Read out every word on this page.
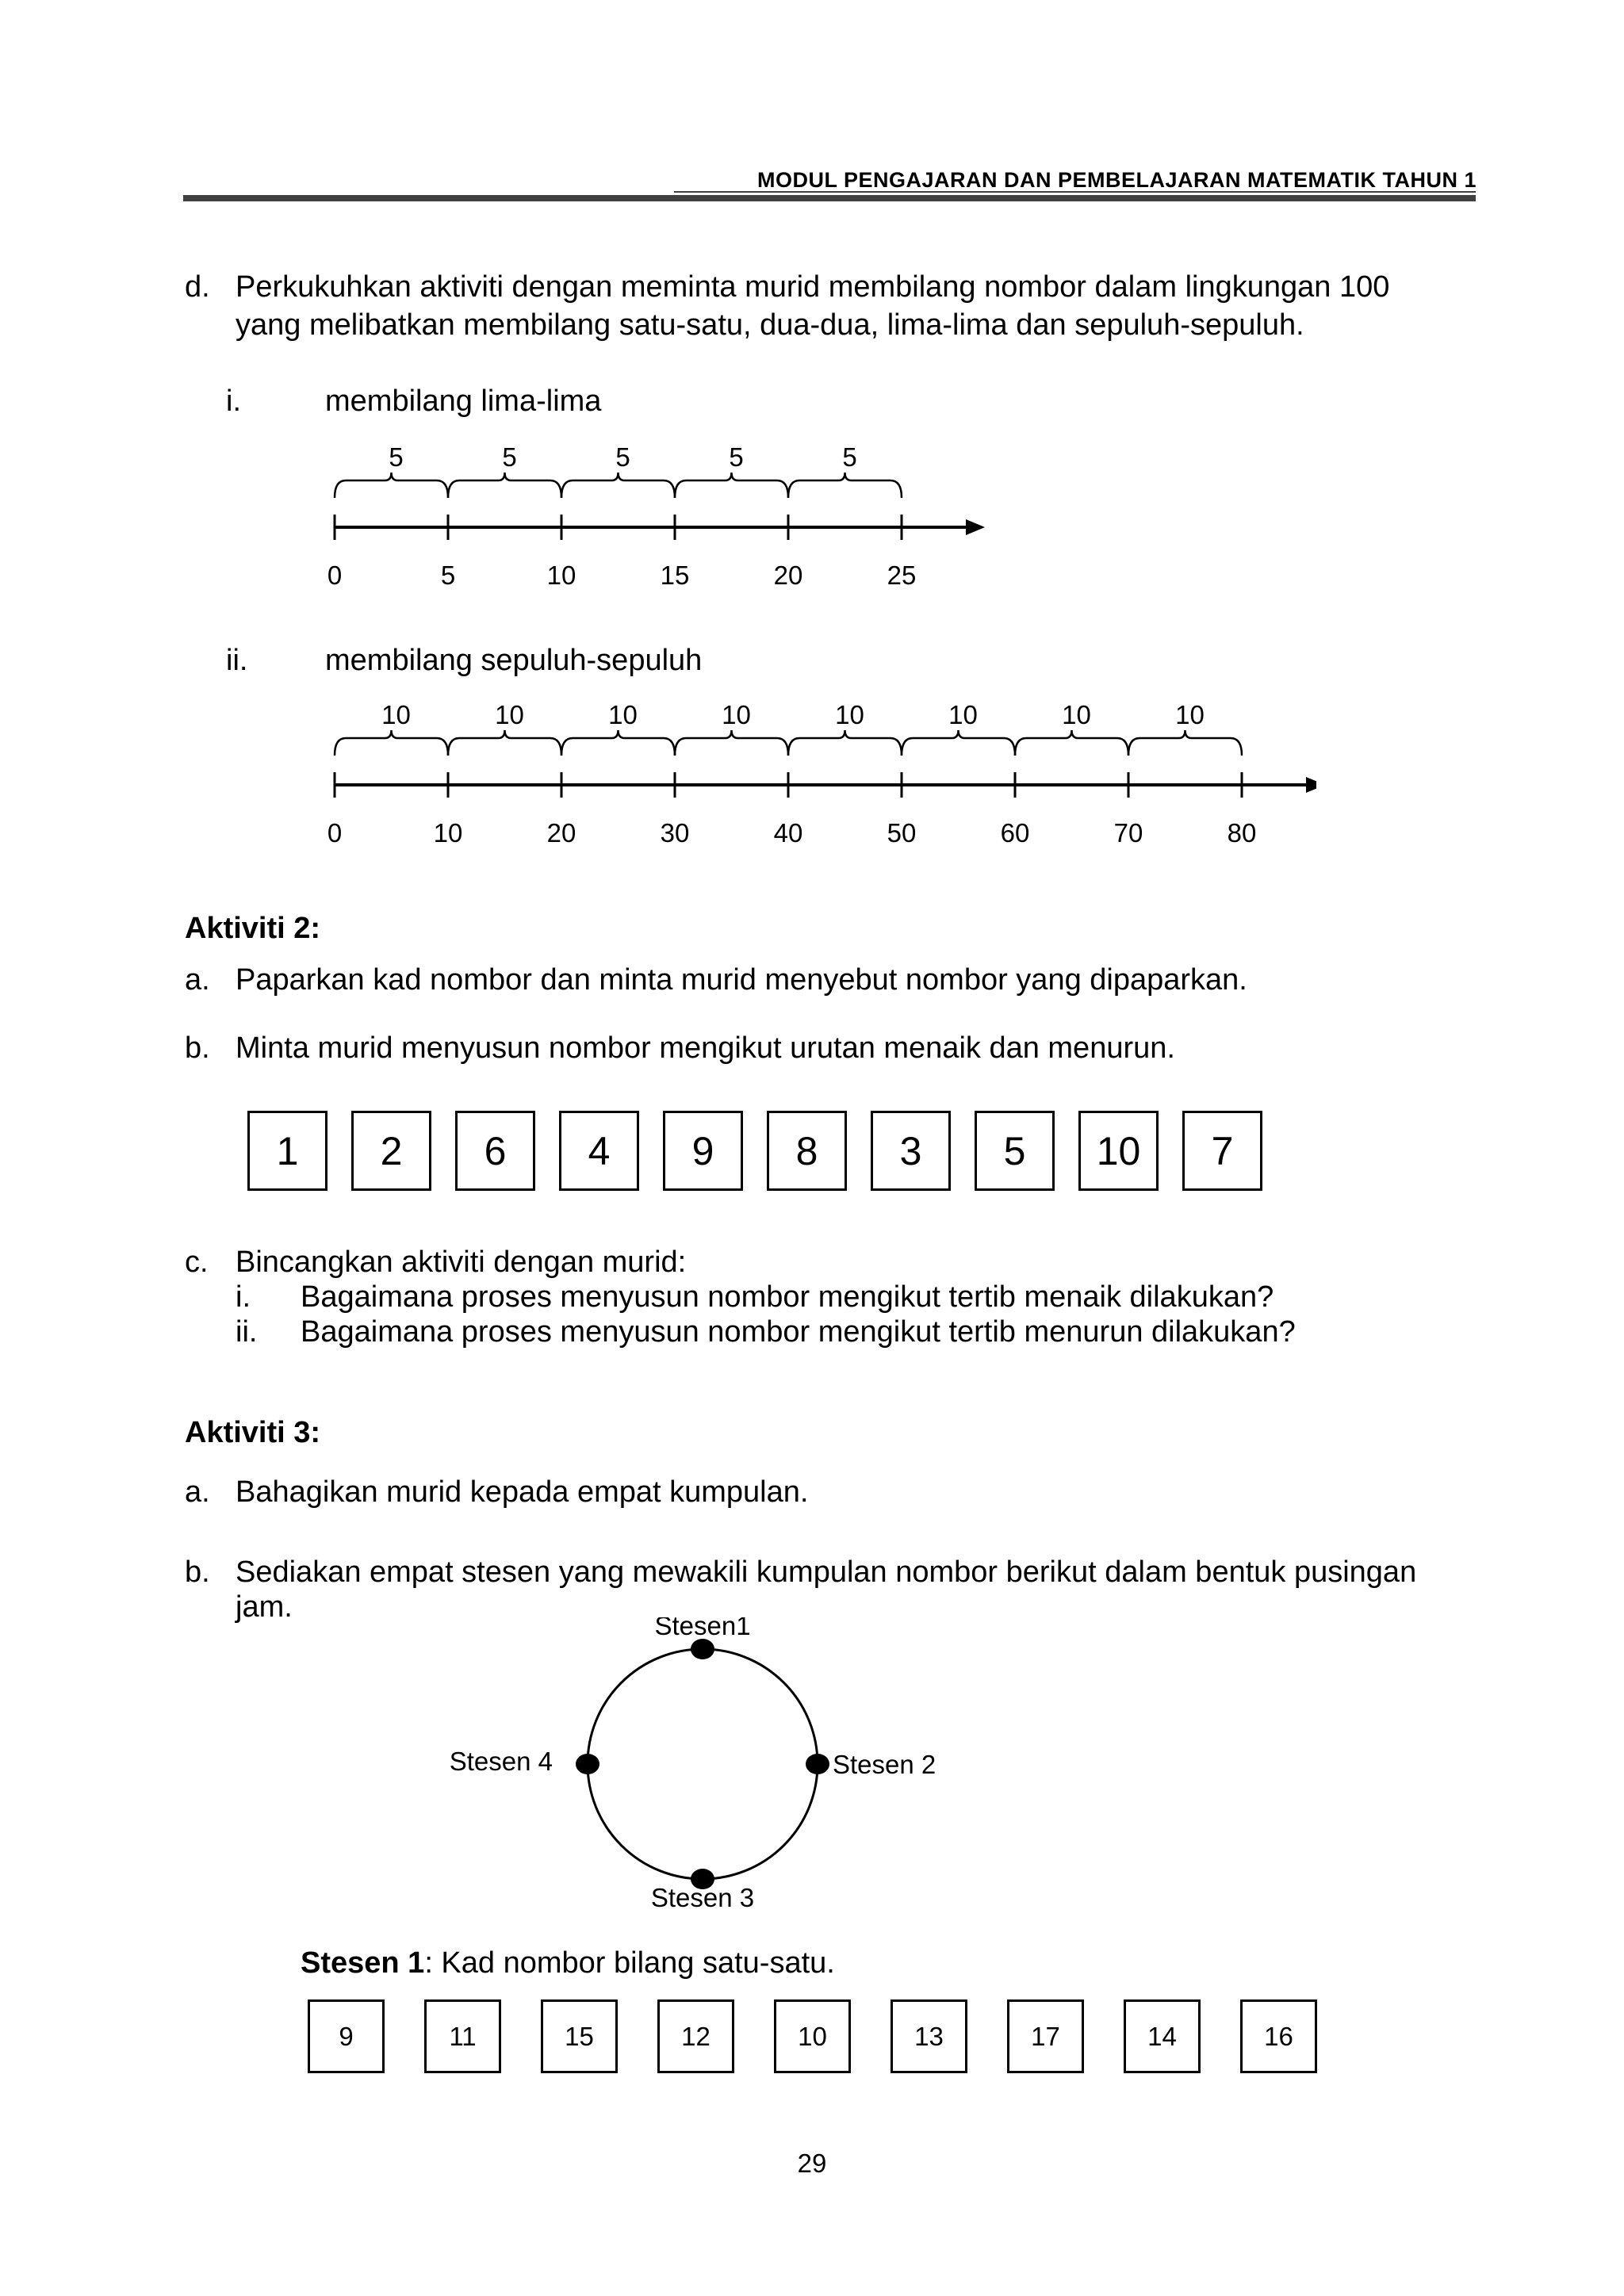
MODUL PENGAJARAN DAN PEMBELAJARAN MATEMATIK TAHUN 1
d. Perkukuhkan aktiviti dengan meminta murid membilang nombor dalam lingkungan 100
yang melibatkan membilang satu-satu, dua-dua, lima-lima dan sepuluh-sepuluh.
i.	membilang lima-lima
0	5	10	15	20	25
5	5	5	5	5
ii.	membilang sepuluh-sepuluh
0	10	20	30	40	50	60	70	80
10	10	10	10	10	10	10	10
Aktiviti 2:
a. Paparkan kad nombor dan minta murid menyebut nombor yang dipaparkan.
b. Minta murid menyusun nombor mengikut urutan menaik dan menurun.
1	2	6	4	9	8	3	5	10	7
c. Bincangkan aktiviti dengan murid:
i. Bagaimana proses menyusun nombor mengikut tertib menaik dilakukan?
ii. Bagaimana proses menyusun nombor mengikut tertib menurun dilakukan?
Aktiviti 3:
a. Bahagikan murid kepada empat kumpulan.
b. Sediakan empat stesen yang mewakili kumpulan nombor berikut dalam bentuk pusingan
jam.
Stesen1
Stesen 2
Stesen 3
Stesen 4
Stesen 1: Kad nombor bilang satu-satu.
9	11	15	12	10	13	17	14	16
29
